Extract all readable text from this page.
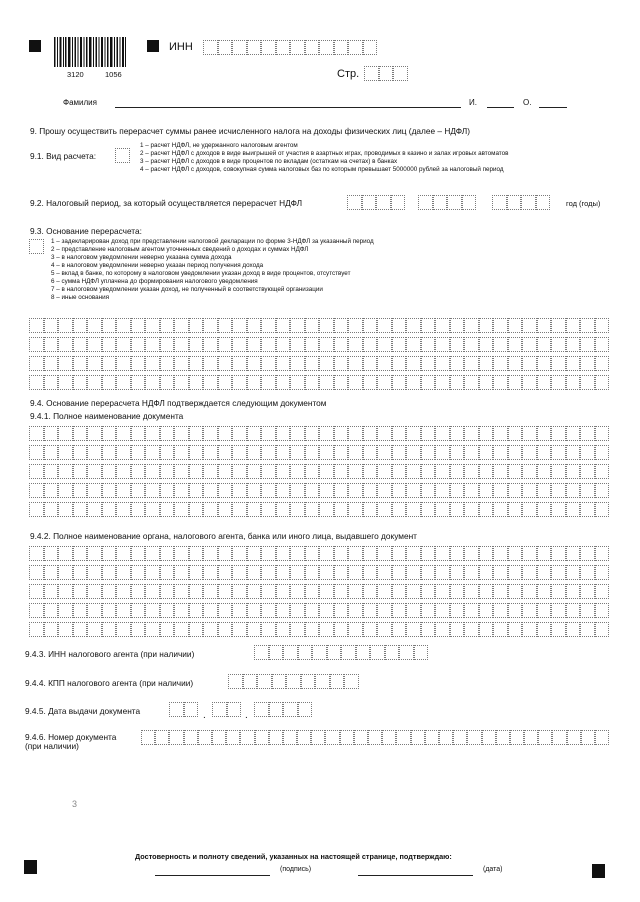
3120	1056
ИНН
Стр.
Фамилия	И.	О.
9. Прошу осуществить перерасчет суммы ранее исчисленного налога на доходы физических лиц (далее – НДФЛ)
9.1. Вид расчета:
1 – расчет НДФЛ, не удержанного налоговым агентом
2 – расчет НДФЛ с доходов в виде выигрышей от участия в азартных играх, проводимых в казино и залах игровых автоматов
3 – расчет НДФЛ с доходов в виде процентов по вкладам (остаткам на счетах) в банках
4 – расчет НДФЛ с доходов, совокупная сумма налоговых баз по которым превышает 5000000 рублей за налоговый период
9.2. Налоговый период, за который осуществляется перерасчет НДФЛ	год (годы)
9.3. Основание перерасчета:
1 – задекларирован доход при представлении налоговой декларации по форме 3-НДФЛ за указанный период
2 – представление налоговым агентом уточненных сведений о доходах и суммах НДФЛ
3 – в налоговом уведомлении неверно указана сумма дохода
4 – в налоговом уведомлении неверно указан период получения дохода
5 – вклад в банке, по которому в налоговом уведомлении указан доход в виде процентов, отсутствует
6 – сумма НДФЛ уплачена до формирования налогового уведомления
7 – в налоговом уведомлении указан доход, не полученный в соответствующей организации
8 – иные основания
9.4. Основание перерасчета НДФЛ подтверждается следующим документом
9.4.1. Полное наименование документа
9.4.2. Полное наименование органа, налогового агента, банка или иного лица, выдавшего документ
9.4.3. ИНН налогового агента (при наличии)
9.4.4. КПП налогового агента (при наличии)
9.4.5. Дата выдачи документа	.	.
9.4.6. Номер документа
(при наличии)
3
Достоверность и полноту сведений, указанных на настоящей странице, подтверждаю:
(подпись)	(дата)
